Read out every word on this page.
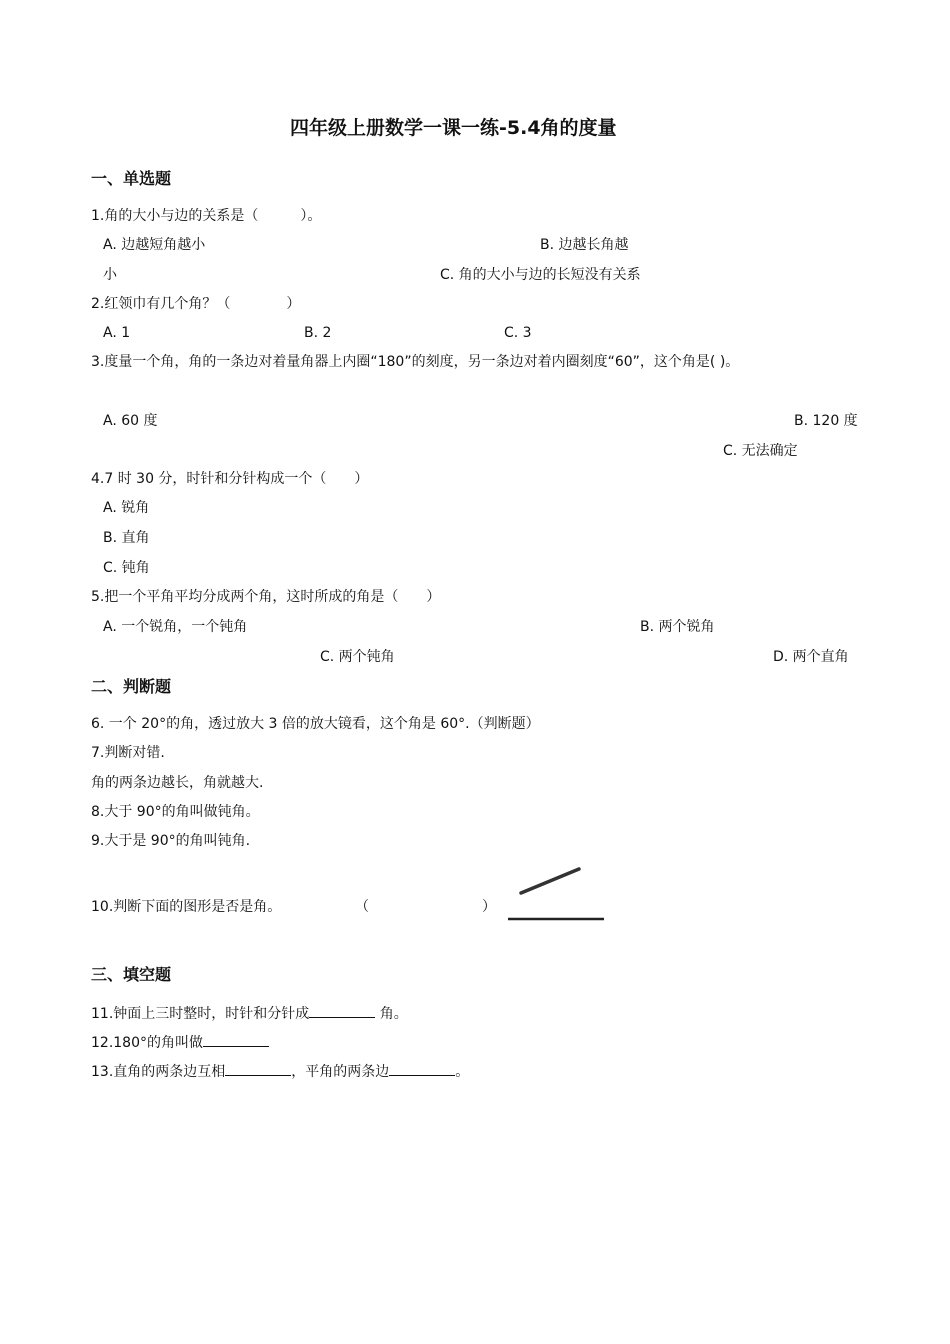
四年级上册数学一课一练-5.4角的度量
一、单选题
1.角的大小与边的关系是（　　　）。
A. 边越短角越小	B. 边越长角越
小	C. 角的大小与边的长短没有关系
2.红领巾有几个角？（　　　　）
A. 1	B. 2	C. 3
3.度量一个角，角的一条边对着量角器上内圈“180”的刻度，另一条边对着内圈刻度“60”，这个角是( )。
A. 60 度	B. 120 度
C. 无法确定
4.7 时 30 分，时针和分针构成一个（　　）
A. 锐角
B. 直角
C. 钝角
5.把一个平角平均分成两个角，这时所成的角是（　　）
A. 一个锐角，一个钝角	B. 两个锐角
C. 两个钝角	D. 两个直角
二、判断题
6. 一个 20°的角，透过放大 3 倍的放大镜看，这个角是 60°.（判断题）
7.判断对错.
角的两条边越长，角就越大.
8.大于 90°的角叫做钝角。
9.大于是 90°的角叫钝角.
10.判断下面的图形是否是角。	（	）
三、填空题
11.钟面上三时整时，时针和分针成	角。
12.180°的角叫做
13.直角的两条边互相	，平角的两条边	。
